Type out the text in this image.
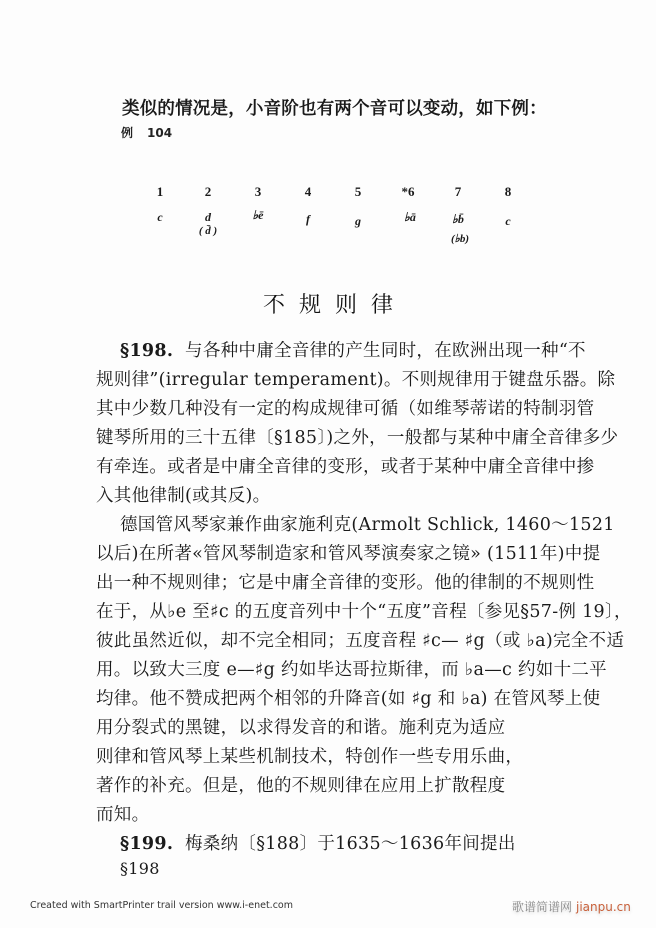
类似的情况是，小音阶也有两个音可以变动，如下例：
例 104
1
c
2
d
( d̄ )
3
♭ē
4
f
5
g
*6
♭ā
7
♭b̄
(♭b)
8
c
不规则律
§198. 与各种中庸全音律的产生同时，在欧洲出现一种“不
规则律”(irregular temperament)。不则规律用于键盘乐器。除
其中少数几种没有一定的构成规律可循（如维琴蒂诺的特制羽管
键琴所用的三十五律〔§185〕)之外，一般都与某种中庸全音律多少
有牵连。或者是中庸全音律的变形，或者于某种中庸全音律中掺
入其他律制(或其反)。
德国管风琴家兼作曲家施利克(Armolt Schlick, 1460～1521
以后)在所著«管风琴制造家和管风琴演奏家之镜» (1511年)中提
出一种不规则律；它是中庸全音律的变形。他的律制的不规则性
在于，从♭e 至♯c 的五度音列中十个“五度”音程〔参见§57-例 19〕，
彼此虽然近似，却不完全相同；五度音程 ♯c— ♯g（或 ♭a)完全不适
用。以致大三度 e—♯g 约如毕达哥拉斯律，而 ♭a—c 约如十二平
均律。他不赞成把两个相邻的升降音(如 ♯g 和 ♭a) 在管风琴上使
用分裂式的黑键，以求得发音的和谐。施利克为适应
则律和管风琴上某些机制技术，特创作一些专用乐曲，
著作的补充。但是，他的不规则律在应用上扩散程度
而知。
§199. 梅桑纳〔§188〕于1635～1636年间提出
§198
Created with SmartPrinter trail version www.i-enet.com	歌谱简谱网 jianpu.cn
